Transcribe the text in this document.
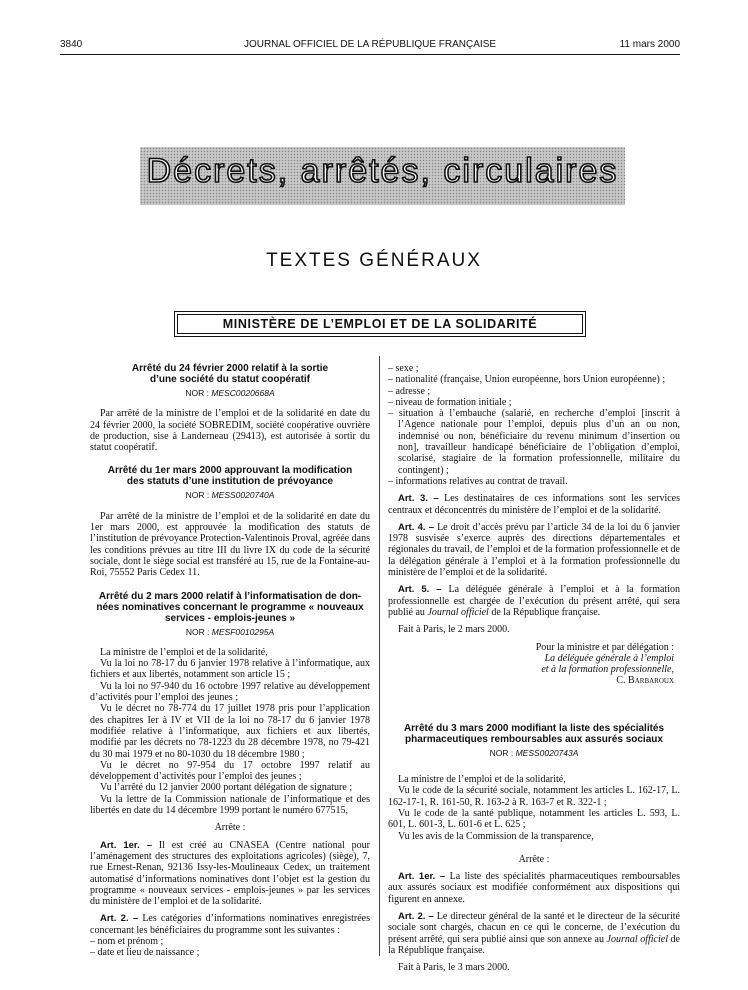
3840	JOURNAL OFFICIEL DE LA RÉPUBLIQUE FRANÇAISE	11 mars 2000
Décrets, arrêtés, circulaires
TEXTES GÉNÉRAUX
MINISTÈRE DE L’EMPLOI ET DE LA SOLIDARITÉ
Arrêté du 24 février 2000 relatif à la sortie
d’une société du statut coopératif
NOR : MESC0020668A

Par arrêté de la ministre de l’emploi et de la solidarité en date du 24 février 2000, la société SOBREDIM, société coopérative ouvrière de production, sise à Landerneau (29413), est autorisée à sortir du statut coopératif.

Arrêté du 1er mars 2000 approuvant la modification
des statuts d’une institution de prévoyance
NOR : MESS0020740A

Par arrêté de la ministre de l’emploi et de la solidarité en date du 1er mars 2000, est approuvée la modification des statuts de l’institution de prévoyance Protection-Valentinois Proval, agréée dans les conditions prévues au titre III du livre IX du code de la sécurité sociale, dont le siège social est transféré au 15, rue de la Fontaine-au-Roi, 75552 Paris Cedex 11.

Arrêté du 2 mars 2000 relatif à l’informatisation de don-
nées nominatives concernant le programme « nouveaux
services - emplois-jeunes »
NOR : MESF0010295A

La ministre de l’emploi et de la solidarité,

Vu la loi no 78-17 du 6 janvier 1978 relative à l’informatique, aux fichiers et aux libertés, notamment son article 15 ;

Vu la loi no 97-940 du 16 octobre 1997 relative au développement d’activités pour l’emploi des jeunes ;

Vu le décret no 78-774 du 17 juillet 1978 pris pour l’application des chapitres Ier à IV et VII de la loi no 78-17 du 6 janvier 1978 modifiée relative à l’informatique, aux fichiers et aux libertés, modifié par les décrets no 78-1223 du 28 décembre 1978, no 79-421 du 30 mai 1979 et no 80-1030 du 18 décembre 1980 ;

Vu le décret no 97-954 du 17 octobre 1997 relatif au développement d’activités pour l’emploi des jeunes ;

Vu l’arrêté du 12 janvier 2000 portant délégation de signature ;

Vu la lettre de la Commission nationale de l’informatique et des libertés en date du 14 décembre 1999 portant le numéro 677515,

Arrête :

Art. 1er. – Il est créé au CNASEA (Centre national pour l’aménagement des structures des exploitations agricoles) (siège), 7, rue Ernest-Renan, 92136 Issy-les-Moulineaux Cedex, un traitement automatisé d’informations nominatives dont l’objet est la gestion du programme « nouveaux services - emplois-jeunes » par les services du ministère de l’emploi et de la solidarité.

Art. 2. – Les catégories d’informations nominatives enregistrées concernant les bénéficiaires du programme sont les suivantes :

– nom et prénom ;

– date et lieu de naissance ;

– sexe ;

– nationalité (française, Union européenne, hors Union européenne) ;

– adresse ;

– niveau de formation initiale ;

– situation à l’embauche (salarié, en recherche d’emploi [inscrit à l’Agence nationale pour l’emploi, depuis plus d’un an ou non, indemnisé ou non, bénéficiaire du revenu minimum d’insertion ou non], travailleur handicapé bénéficiaire de l’obligation d’emploi, scolarisé, stagiaire de la formation professionnelle, militaire du contingent) ;

– informations relatives au contrat de travail.

Art. 3. – Les destinataires de ces informations sont les services centraux et déconcentrés du ministère de l’emploi et de la solidarité.

Art. 4. – Le droit d’accès prévu par l’article 34 de la loi du 6 janvier 1978 susvisée s’exerce auprès des directions départementales et régionales du travail, de l’emploi et de la formation professionnelle et de la délégation générale à l’emploi et à la formation professionnelle du ministère de l’emploi et de la solidarité.

Art. 5. – La déléguée générale à l’emploi et à la formation professionnelle est chargée de l’exécution du présent arrêté, qui sera publié au Journal officiel de la République française.

Fait à Paris, le 2 mars 2000.

Pour la ministre et par délégation :

La déléguée générale à l’emploi

et à la formation professionnelle,

C. Barbaroux

Arrêté du 3 mars 2000 modifiant la liste des spécialités
pharmaceutiques remboursables aux assurés sociaux
NOR : MESS0020743A

La ministre de l’emploi et de la solidarité,

Vu le code de la sécurité sociale, notamment les articles L. 162-17, L. 162-17-1, R. 161-50, R. 163-2 à R. 163-7 et R. 322-1 ;

Vu le code de la santé publique, notamment les articles L. 593, L. 601, L. 601-3, L. 601-6 et L. 625 ;

Vu les avis de la Commission de la transparence,

Arrête :

Art. 1er. – La liste des spécialités pharmaceutiques remboursables aux assurés sociaux est modifiée conformément aux dispositions qui figurent en annexe.

Art. 2. – Le directeur général de la santé et le directeur de la sécurité sociale sont chargés, chacun en ce qui le concerne, de l’exécution du présent arrêté, qui sera publié ainsi que son annexe au Journal officiel de la République française.

Fait à Paris, le 3 mars 2000.
